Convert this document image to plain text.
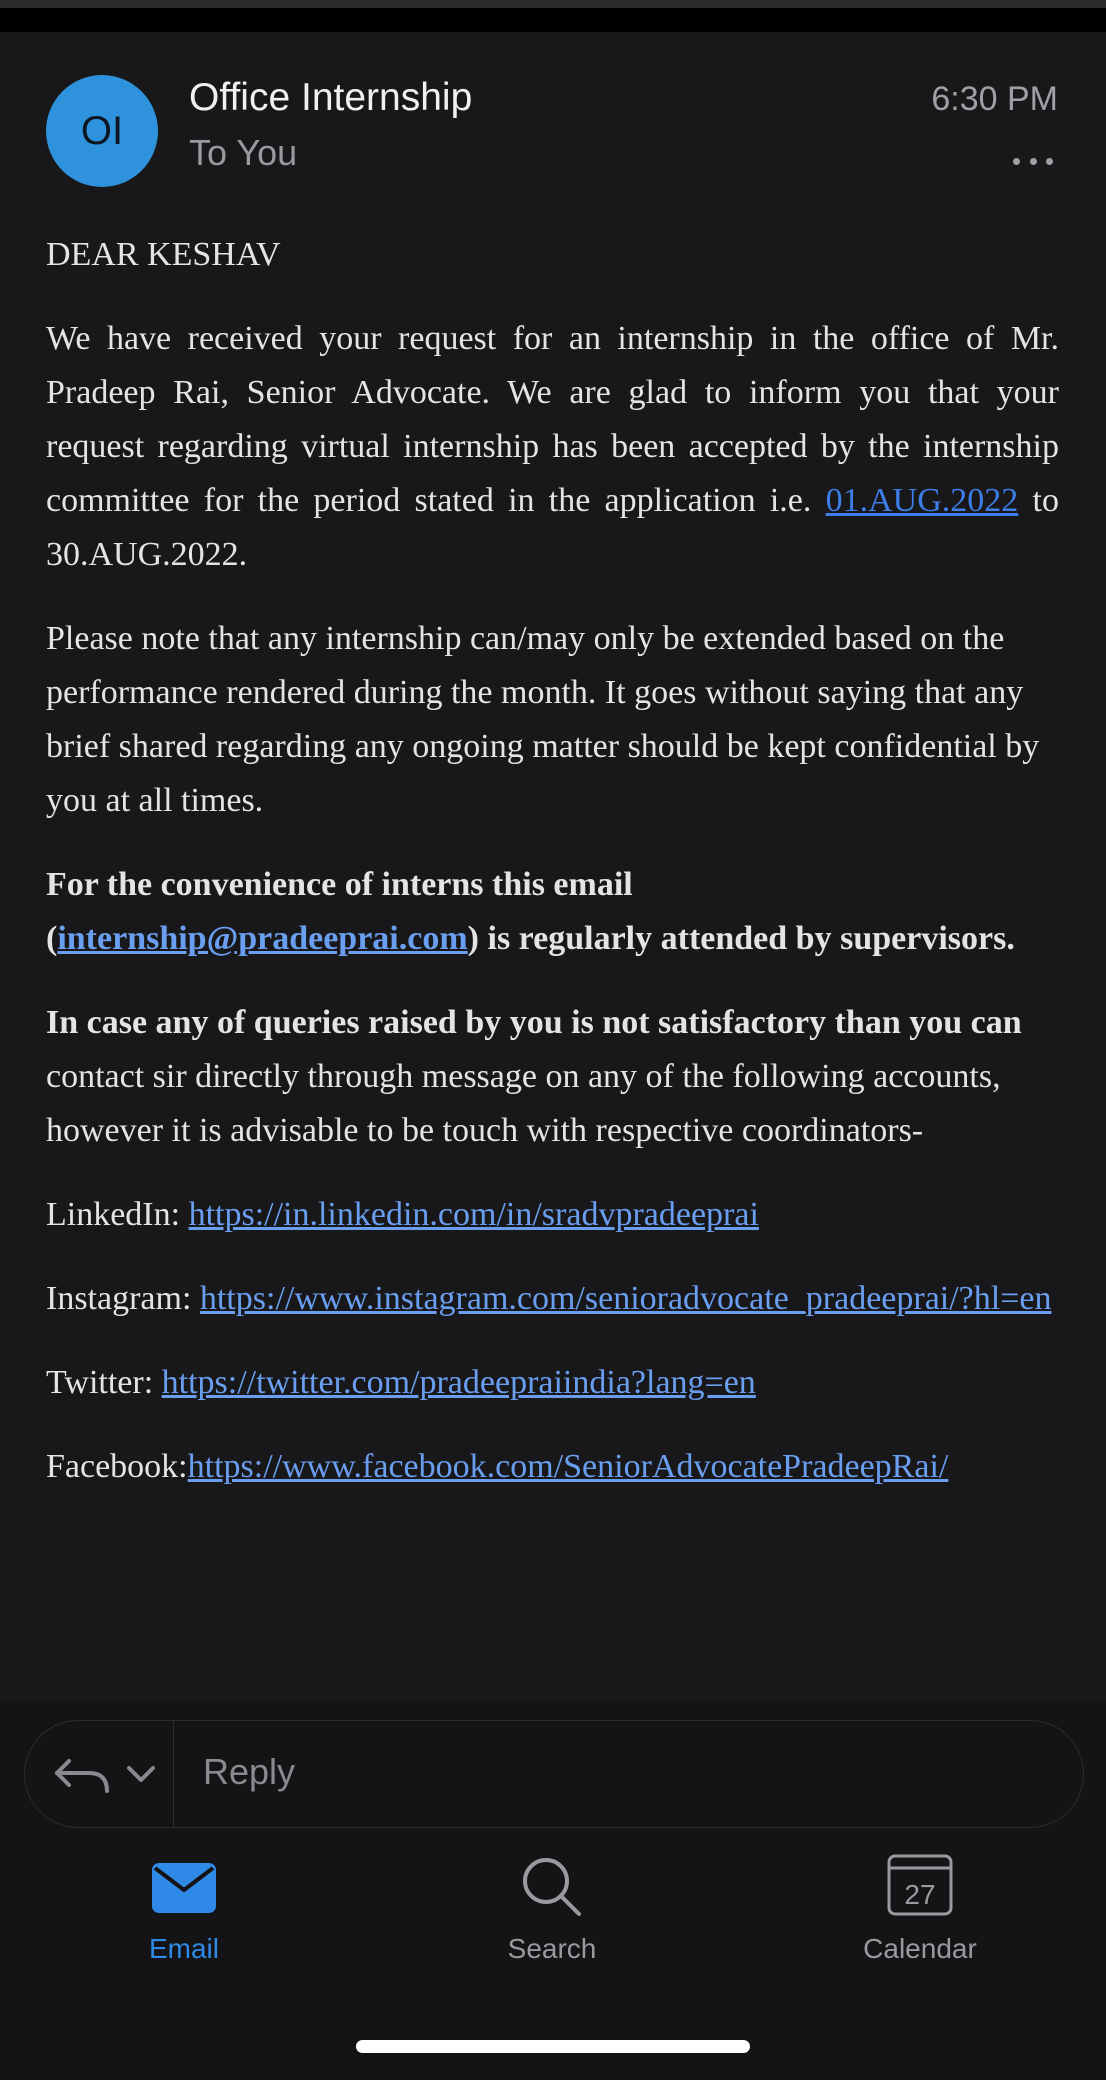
OI
Office Internship
To You
6:30 PM

DEAR KESHAV

We have received your request for an internship in the office of Mr. Pradeep Rai, Senior Advocate. We are glad to inform you that your request regarding virtual internship has been accepted by the internship committee for the period stated in the application i.e. 01.AUG.2022 to 30.AUG.2022.

Please note that any internship can/may only be extended based on the performance rendered during the month. It goes without saying that any brief shared regarding any ongoing matter should be kept confidential by you at all times.

For the convenience of interns this email (internship@pradeeprai.com) is regularly attended by supervisors.

In case any of queries raised by you is not satisfactory than you can contact sir directly through message on any of the following accounts, however it is advisable to be touch with respective coordinators-

LinkedIn: https://in.linkedin.com/in/sradvpradeeprai

Instagram: https://www.instagram.com/senioradvocate_pradeeprai/?hl=en

Twitter: https://twitter.com/pradeepraiindia?lang=en

Facebook:https://www.facebook.com/SeniorAdvocatePradeepRai/

Reply
Email	Search
27
Calendar
